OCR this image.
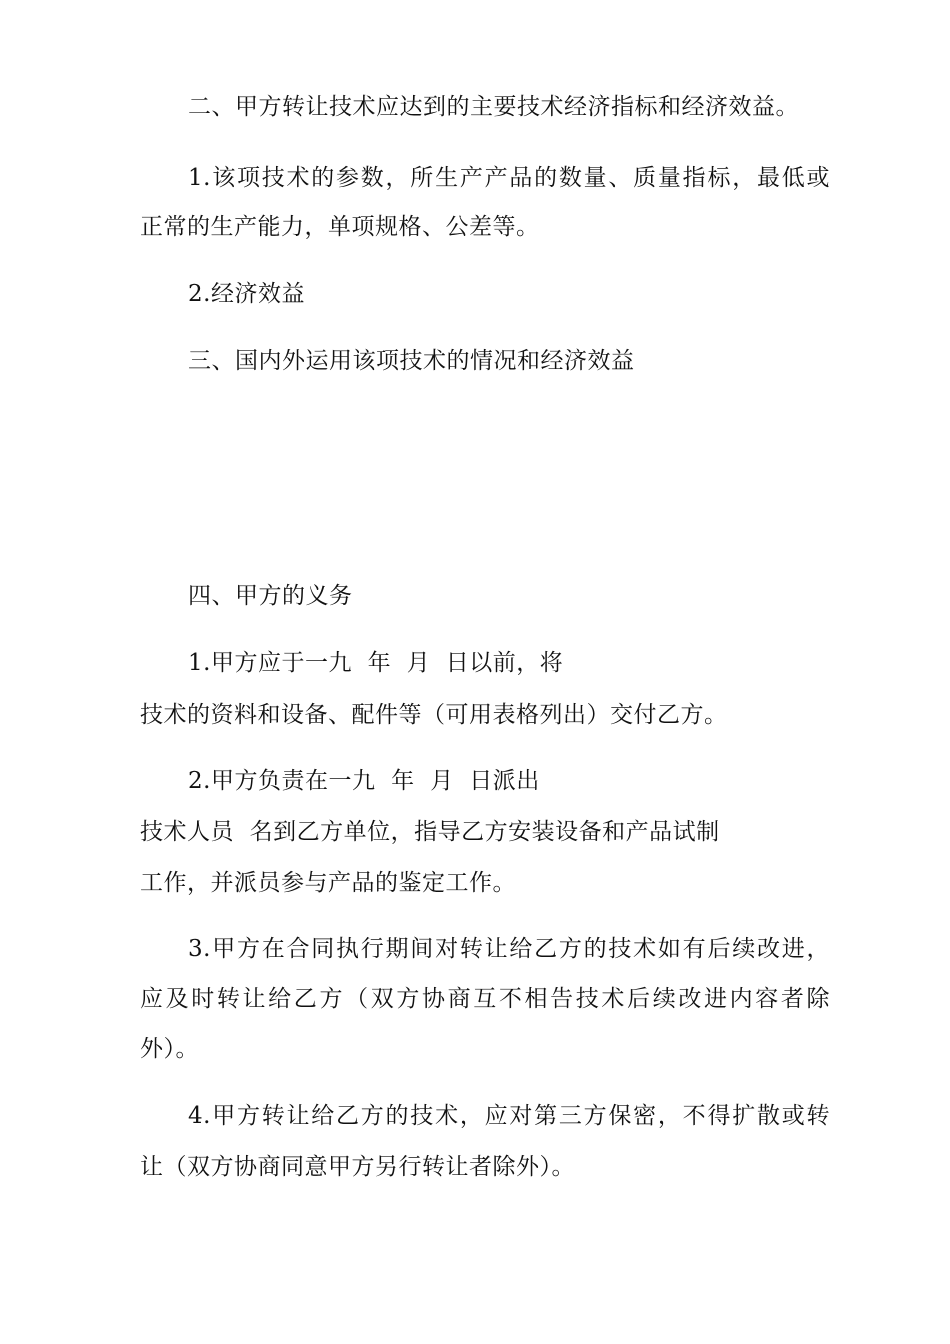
二、甲方转让技术应达到的主要技术经济指标和经济效益。
1.该项技术的参数，所生产产品的数量、质量指标，最低或
正常的生产能力，单项规格、公差等。
2.经济效益
三、国内外运用该项技术的情况和经济效益
四、甲方的义务
1.甲方应于一九  年  月  日以前，将
技术的资料和设备、配件等（可用表格列出）交付乙方。
2.甲方负责在一九  年  月  日派出
技术人员  名到乙方单位，指导乙方安装设备和产品试制
工作，并派员参与产品的鉴定工作。
3.甲方在合同执行期间对转让给乙方的技术如有后续改进，
应及时转让给乙方（双方协商互不相告技术后续改进内容者除
外）。
4.甲方转让给乙方的技术，应对第三方保密，不得扩散或转
让（双方协商同意甲方另行转让者除外）。
